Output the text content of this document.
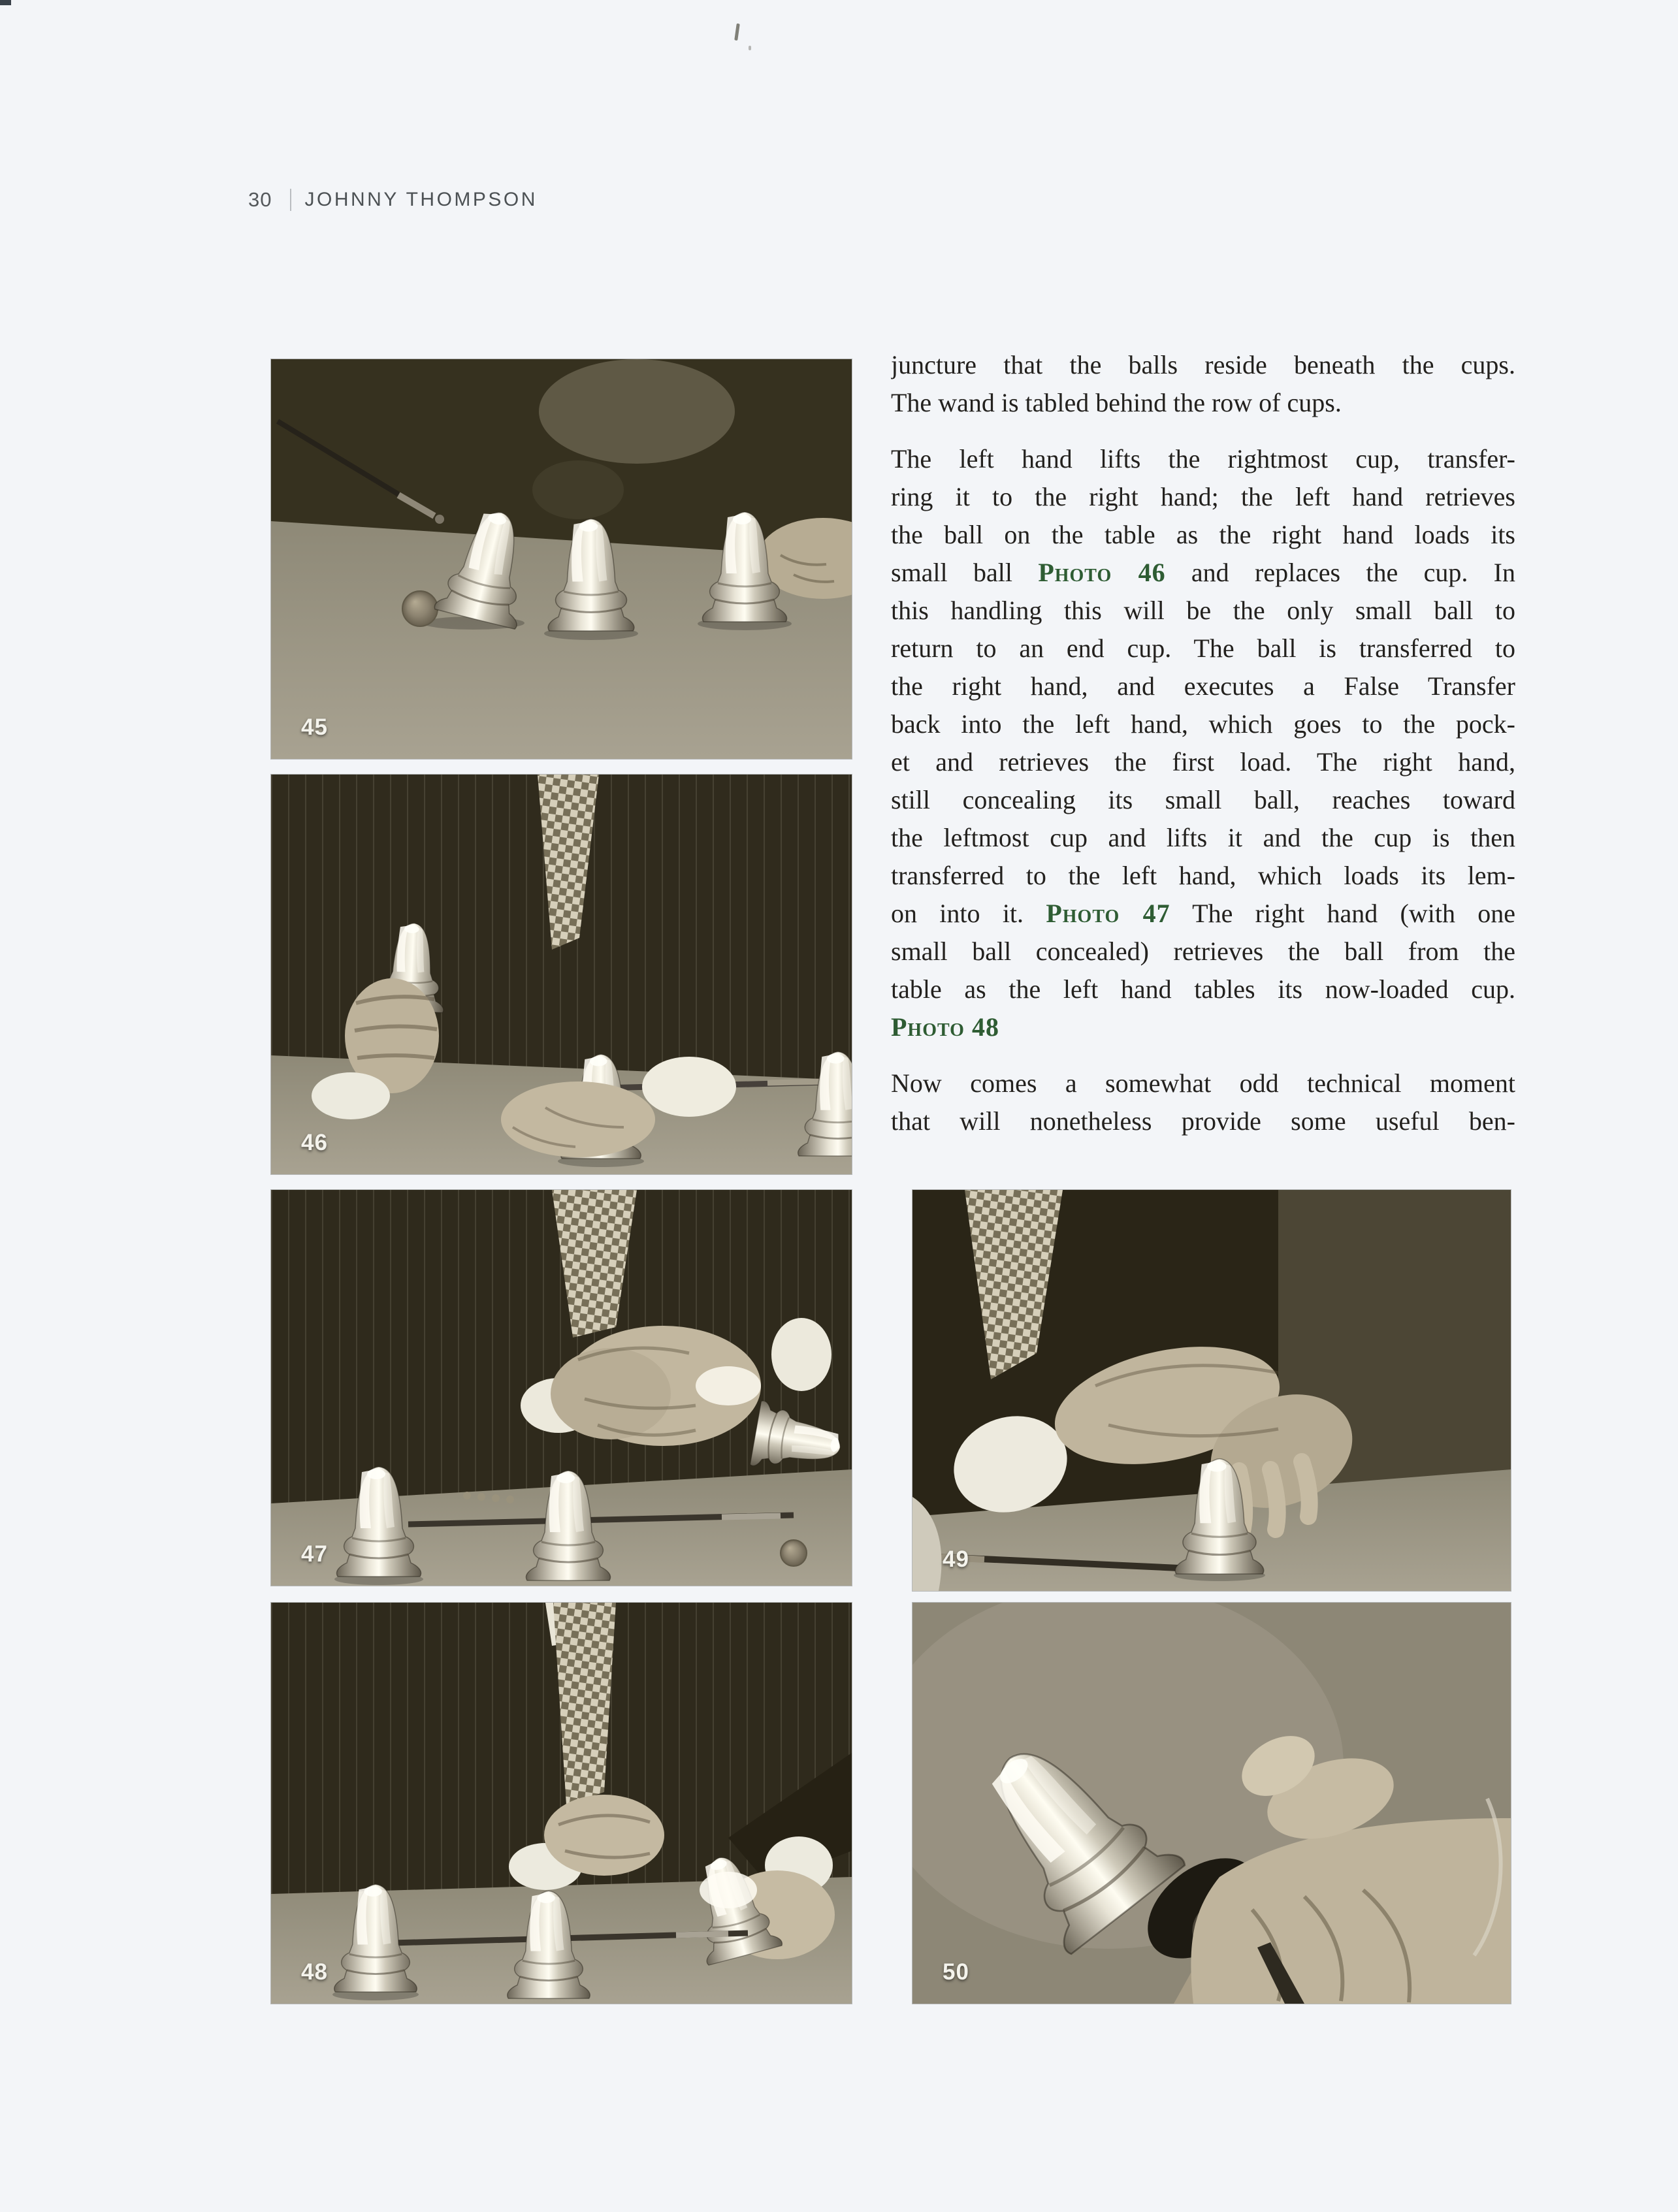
30 JOHNNY THOMPSON
45
46
47
48
49
50
juncture that the balls reside beneath the cups.
The wand is tabled behind the row of cups.
The left hand lifts the rightmost cup, transfer-
ring it to the right hand; the left hand retrieves
the ball on the table as the right hand loads its
small ball Photo 46 and replaces the cup. In
this handling this will be the only small ball to
return to an end cup. The ball is transferred to
the right hand, and executes a False Transfer
back into the left hand, which goes to the pock-
et and retrieves the first load. The right hand,
still concealing its small ball, reaches toward
the leftmost cup and lifts it and the cup is then
transferred to the left hand, which loads its lem-
on into it. Photo 47 The right hand (with one
small ball concealed) retrieves the ball from the
table as the left hand tables its now-loaded cup.
Photo 48
Now comes a somewhat odd technical moment
that will nonetheless provide some useful ben-
